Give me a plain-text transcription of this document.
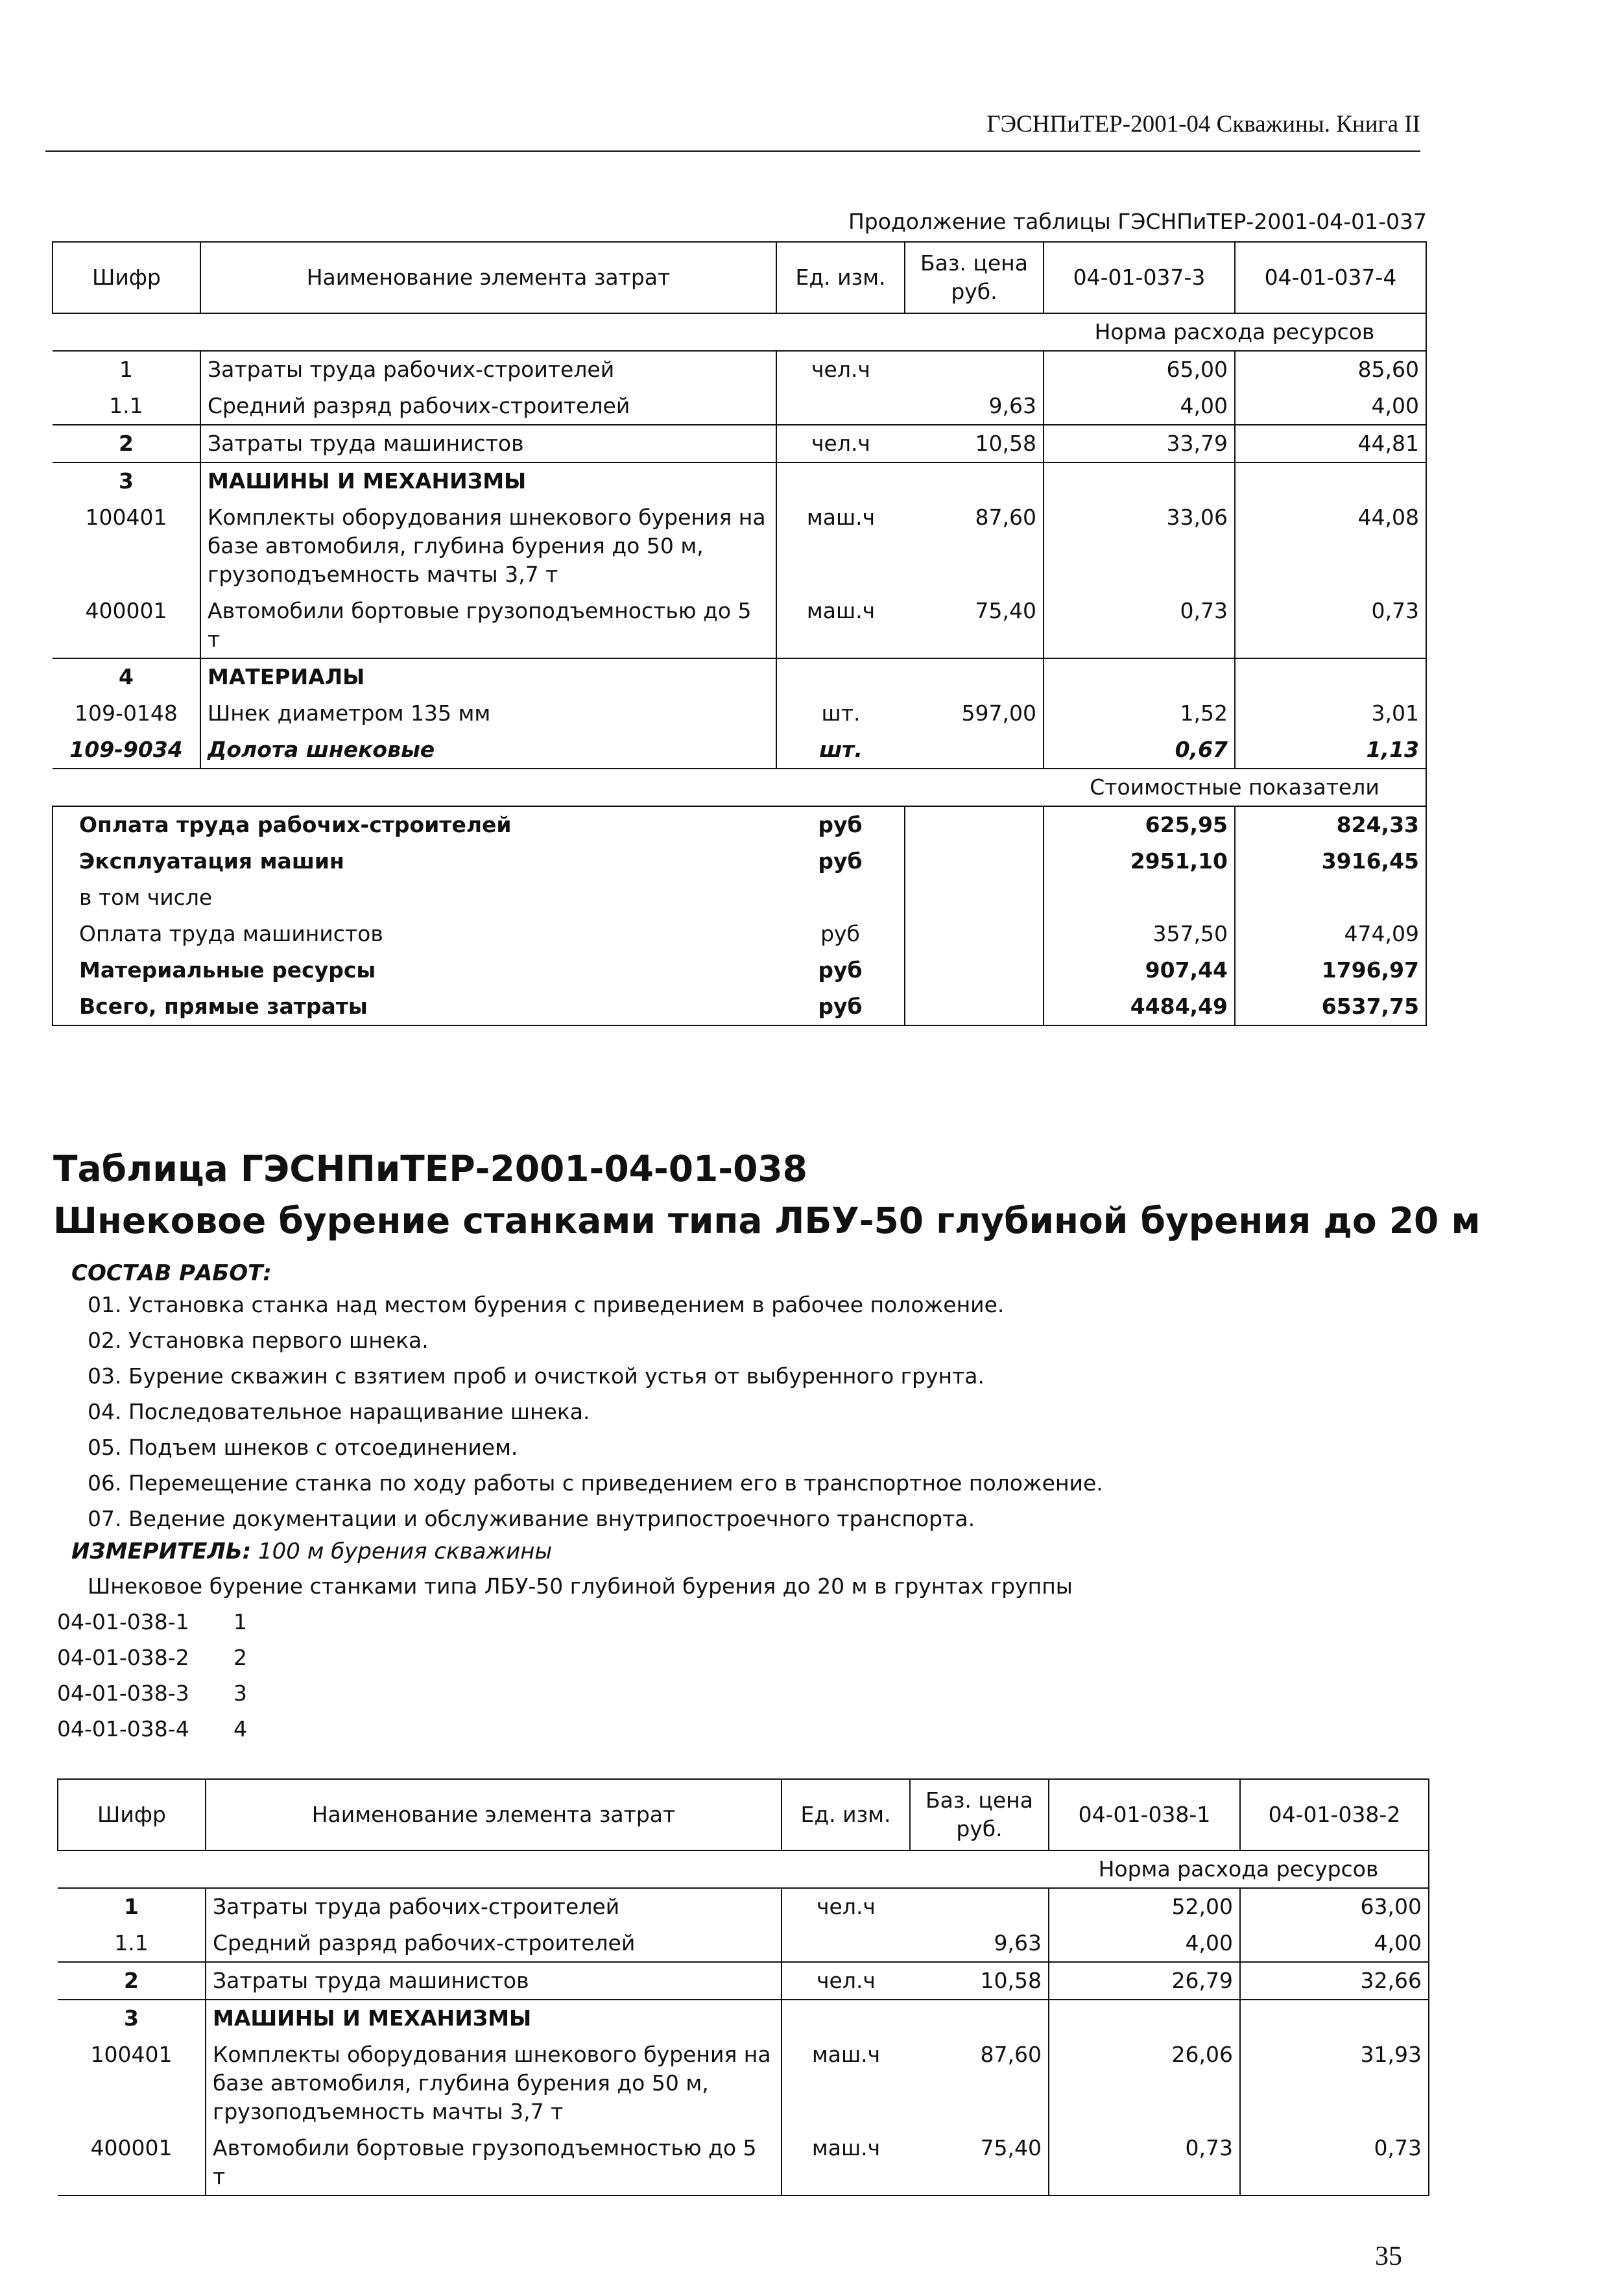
ГЭСНПиТЕР-2001-04 Скважины. Книга II
Продолжение таблицы ГЭСНПиТЕР-2001-04-01-037
Шифр	Наименование элемента затрат	Ед. изм.	Баз. цена руб.	04-01-037-3	04-01-037-4
				Норма расхода ресурсов	
1	Затраты труда рабочих-строителей	чел.ч		65,00	85,60
1.1	Средний разряд рабочих-строителей		9,63	4,00	4,00
2	Затраты труда машинистов	чел.ч	10,58	33,79	44,81
3	МАШИНЫ И МЕХАНИЗМЫ				
100401	Комплекты оборудования шнекового бурения на базе автомобиля, глубина бурения до 50 м, грузоподъемность мачты 3,7 т	маш.ч	87,60	33,06	44,08
400001	Автомобили бортовые грузоподъемностью до 5 т	маш.ч	75,40	0,73	0,73
4	МАТЕРИАЛЫ				
109-0148	Шнек диаметром 135 мм	шт.	597,00	1,52	3,01
109-9034	Долота шнековые	шт.		0,67	1,13
				Стоимостные показатели	
Оплата труда рабочих-строителей		руб		625,95	824,33
Эксплуатация машин		руб		2951,10	3916,45
в том числе					
Оплата труда машинистов		руб		357,50	474,09
Материальные ресурсы		руб		907,44	1796,97
Всего, прямые затраты		руб		4484,49	6537,75
Таблица ГЭСНПиТЕР-2001-04-01-038
Шнековое бурение станками типа ЛБУ-50 глубиной бурения до 20 м
СОСТАВ РАБОТ:
01. Установка станка над местом бурения с приведением в рабочее положение.
02. Установка первого шнека.
03. Бурение скважин с взятием проб и очисткой устья от выбуренного грунта.
04. Последовательное наращивание шнека.
05. Подъем шнеков с отсоединением.
06. Перемещение станка по ходу работы с приведением его в транспортное положение.
07. Ведение документации и обслуживание внутрипостроечного транспорта.
ИЗМЕРИТЕЛЬ: 100 м бурения скважины
Шнековое бурение станками типа ЛБУ-50 глубиной бурения до 20 м в грунтах группы
04-01-038-1 1
04-01-038-2 2
04-01-038-3 3
04-01-038-4 4
Шифр	Наименование элемента затрат	Ед. изм.	Баз. цена руб.	04-01-038-1	04-01-038-2
				Норма расхода ресурсов	
1	Затраты труда рабочих-строителей	чел.ч		52,00	63,00
1.1	Средний разряд рабочих-строителей		9,63	4,00	4,00
2	Затраты труда машинистов	чел.ч	10,58	26,79	32,66
3	МАШИНЫ И МЕХАНИЗМЫ				
100401	Комплекты оборудования шнекового бурения на базе автомобиля, глубина бурения до 50 м, грузоподъемность мачты 3,7 т	маш.ч	87,60	26,06	31,93
400001	Автомобили бортовые грузоподъемностью до 5 т	маш.ч	75,40	0,73	0,73
35
